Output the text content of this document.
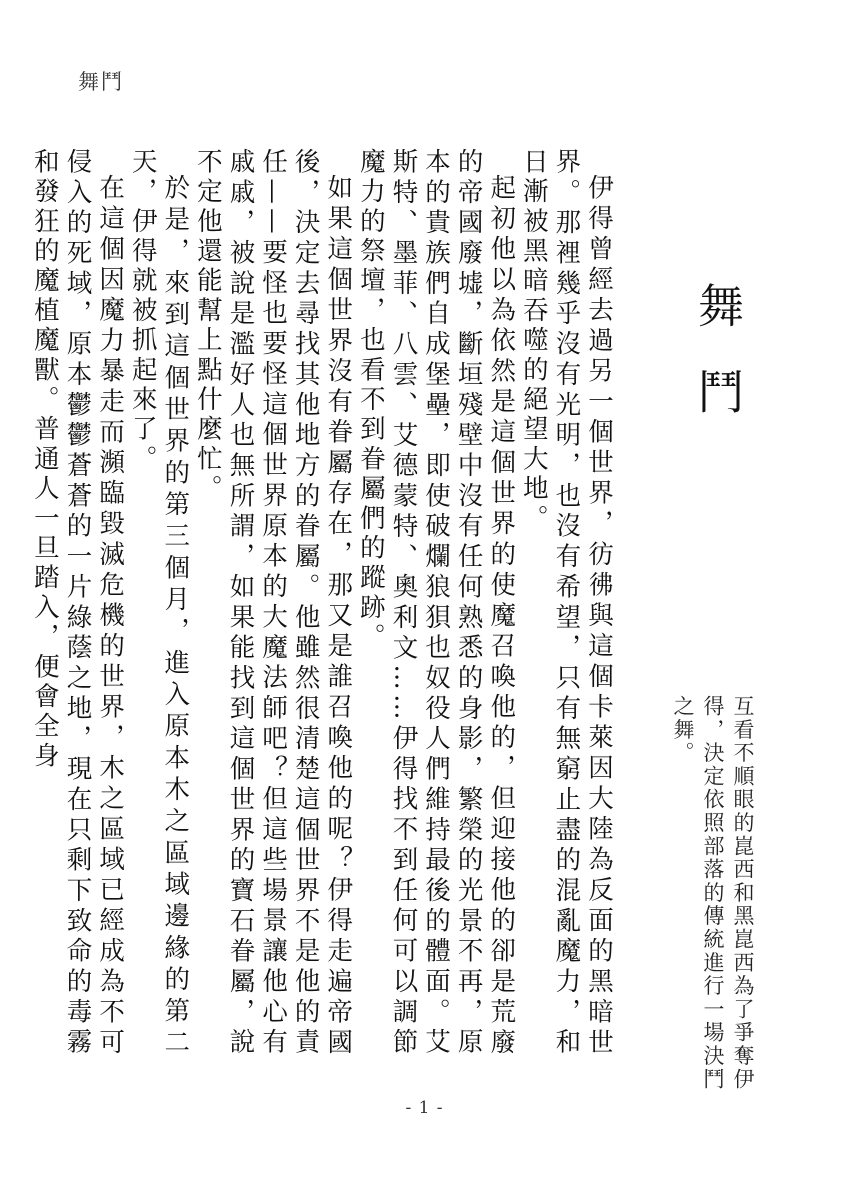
舞鬥
舞鬥
互看不順眼的崑西和黑崑西為了爭奪伊得，決定依照部落的傳統進行一場決鬥之舞。

伊得曾經去過另一個世界，彷彿與這個卡萊因大陸為反面的黑暗世界。那裡幾乎沒有光明，也沒有希望，只有無窮止盡的混亂魔力，和日漸被黑暗吞噬的絕望大地。

起初他以為依然是這個世界的使魔召喚他的，但迎接他的卻是荒廢的帝國廢墟，斷垣殘壁中沒有任何熟悉的身影，繁榮的光景不再，原本的貴族們自成堡壘，即使破爛狼狽也奴役人們維持最後的體面。艾斯特、墨菲、八雲、艾德蒙特、奧利文……伊得找不到任何可以調節魔力的祭壇，也看不到眷屬們的蹤跡。

如果這個世界沒有眷屬存在，那又是誰召喚他的呢？伊得走遍帝國後，決定去尋找其他地方的眷屬。他雖然很清楚這個世界不是他的責任——要怪也要怪這個世界原本的大魔法師吧？但這些場景讓他心有戚戚，被說是濫好人也無所謂，如果能找到這個世界的寶石眷屬，說不定他還能幫上點什麼忙。

於是，來到這個世界的第三個月，進入原本木之區域邊緣的第二天，伊得就被抓起來了。

在這個因魔力暴走而瀕臨毀滅危機的世界，木之區域已經成為不可侵入的死域，原本鬱鬱蒼蒼的一片綠蔭之地，現在只剩下致命的毒霧和發狂的魔植魔獸。普通人一旦踏入，便會全身

- 1 -
